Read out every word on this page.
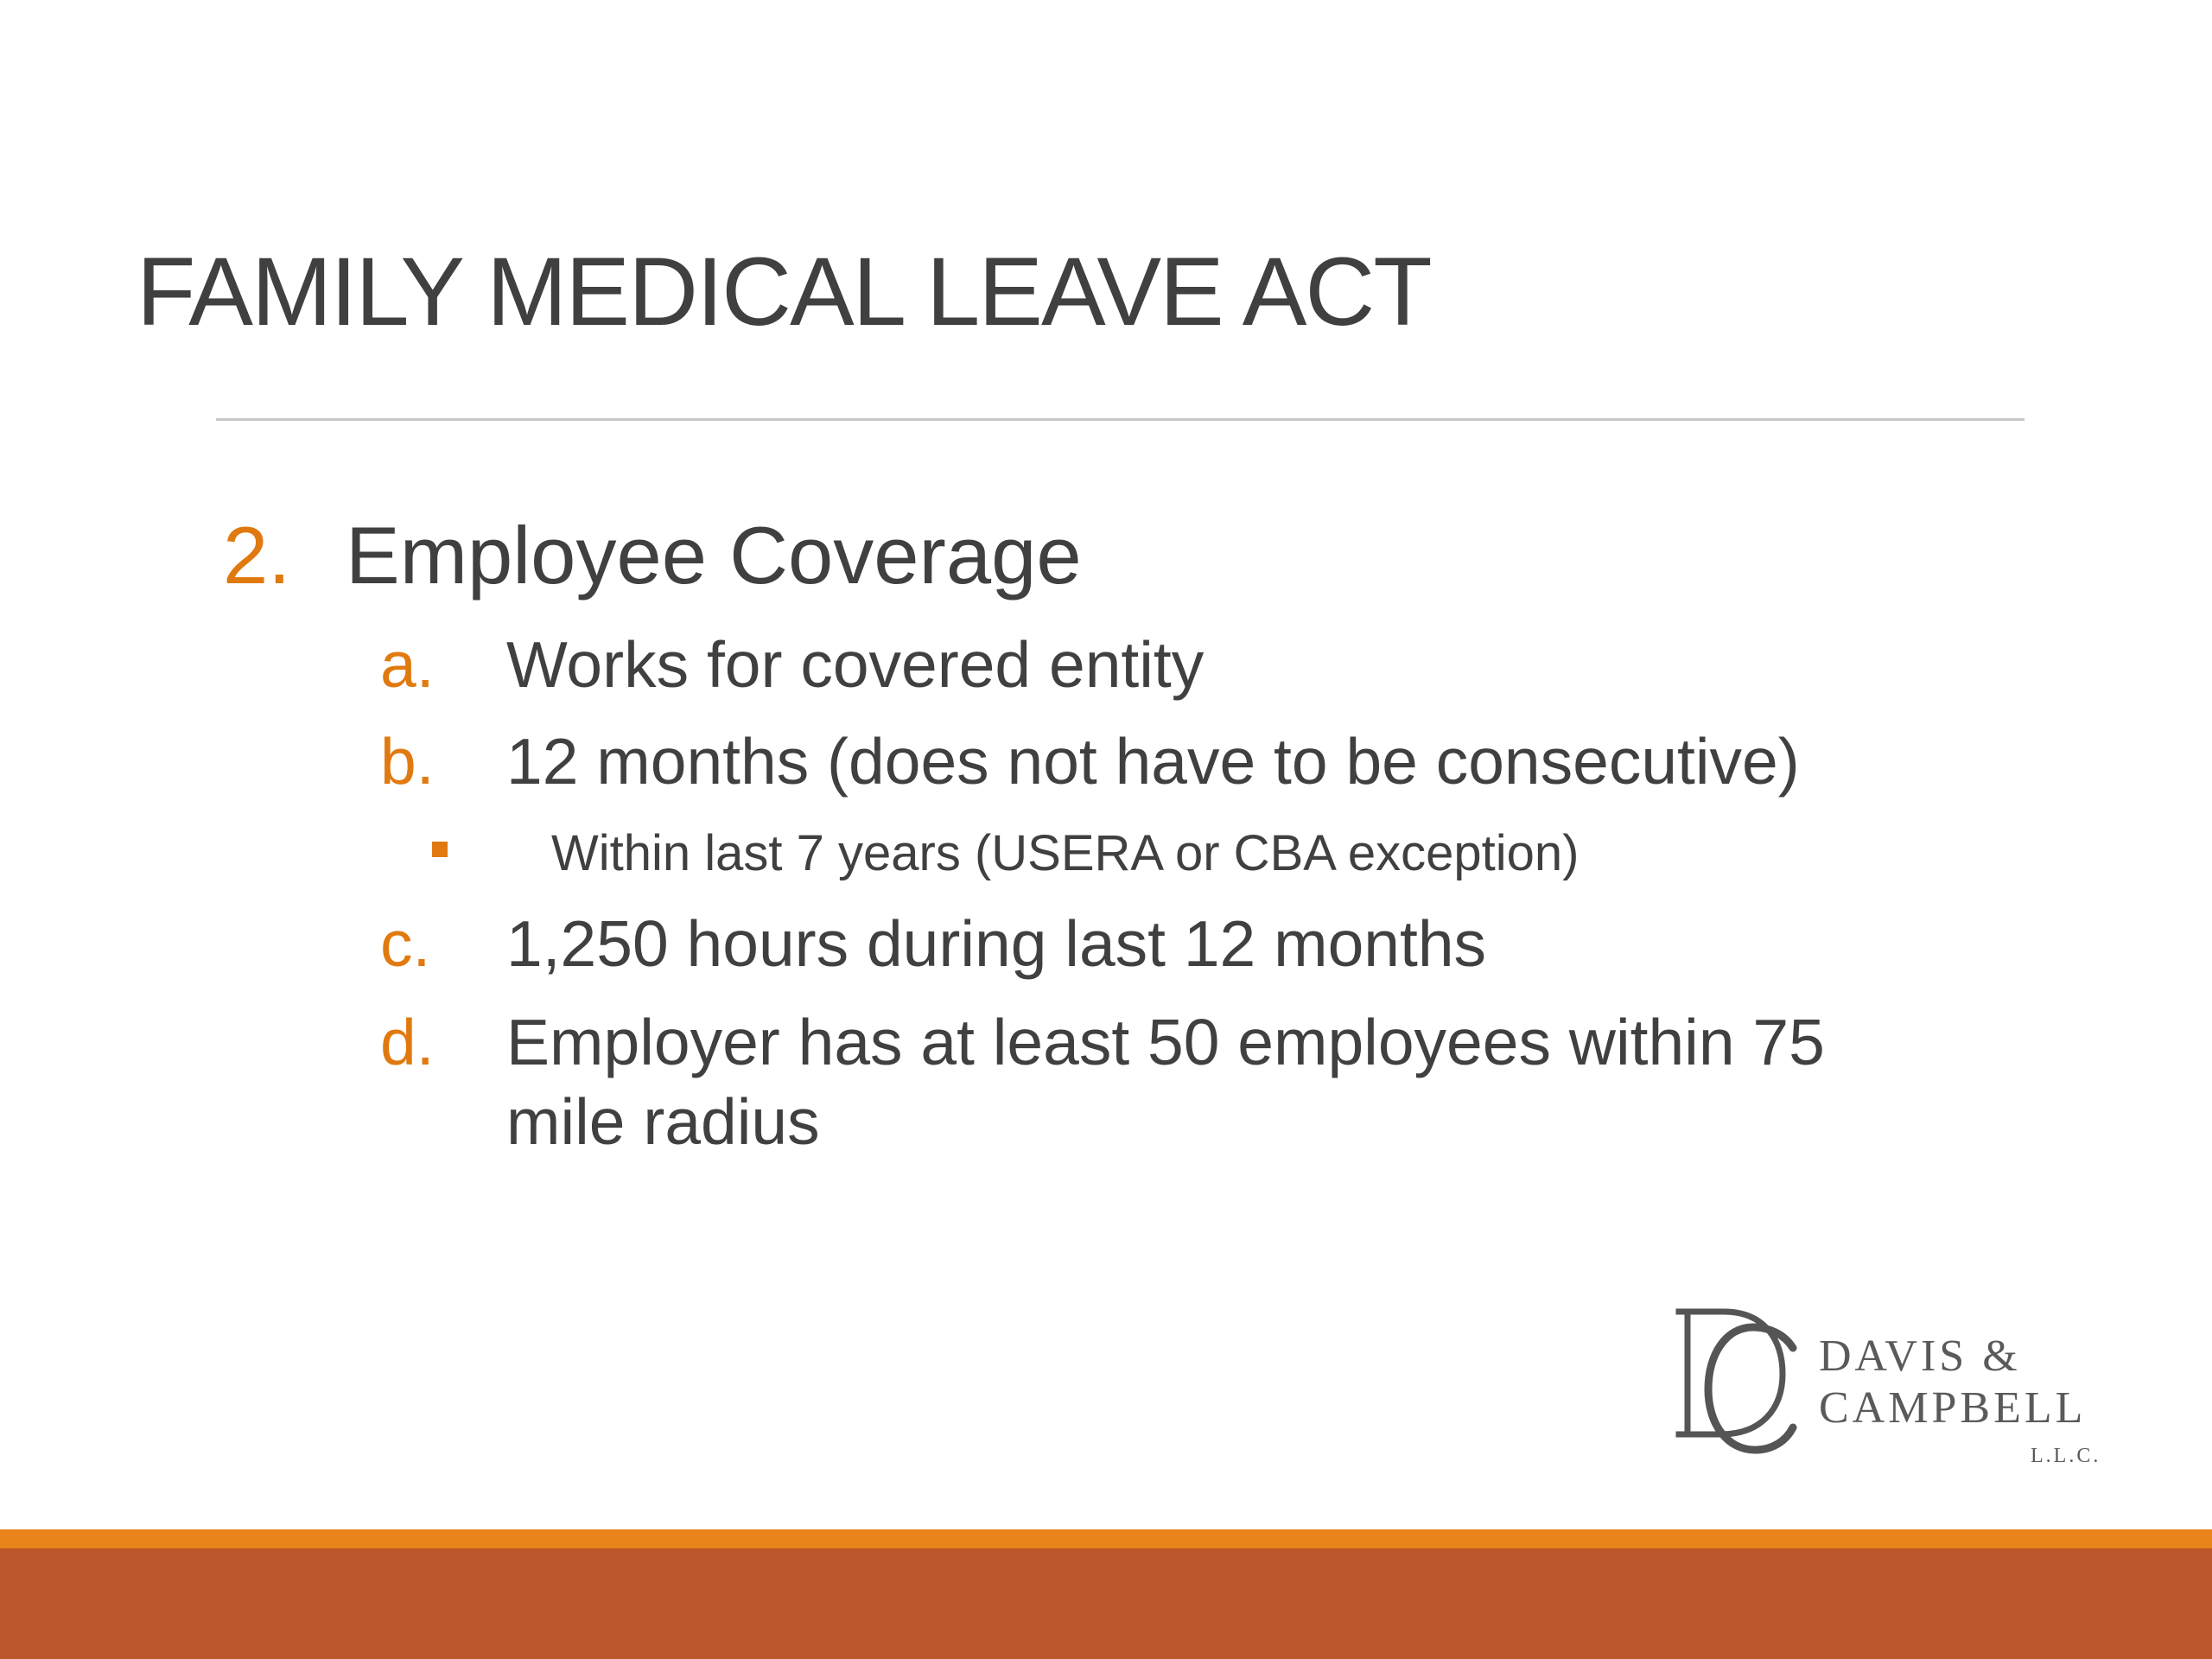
FAMILY MEDICAL LEAVE ACT
2. Employee Coverage
a. Works for covered entity
b. 12 months (does not have to be consecutive)
Within last 7 years (USERA or CBA exception)
c. 1,250 hours during last 12 months
d. Employer has at least 50 employees within 75
mile radius
DAVIS &
CAMPBELL
L.L.C.
